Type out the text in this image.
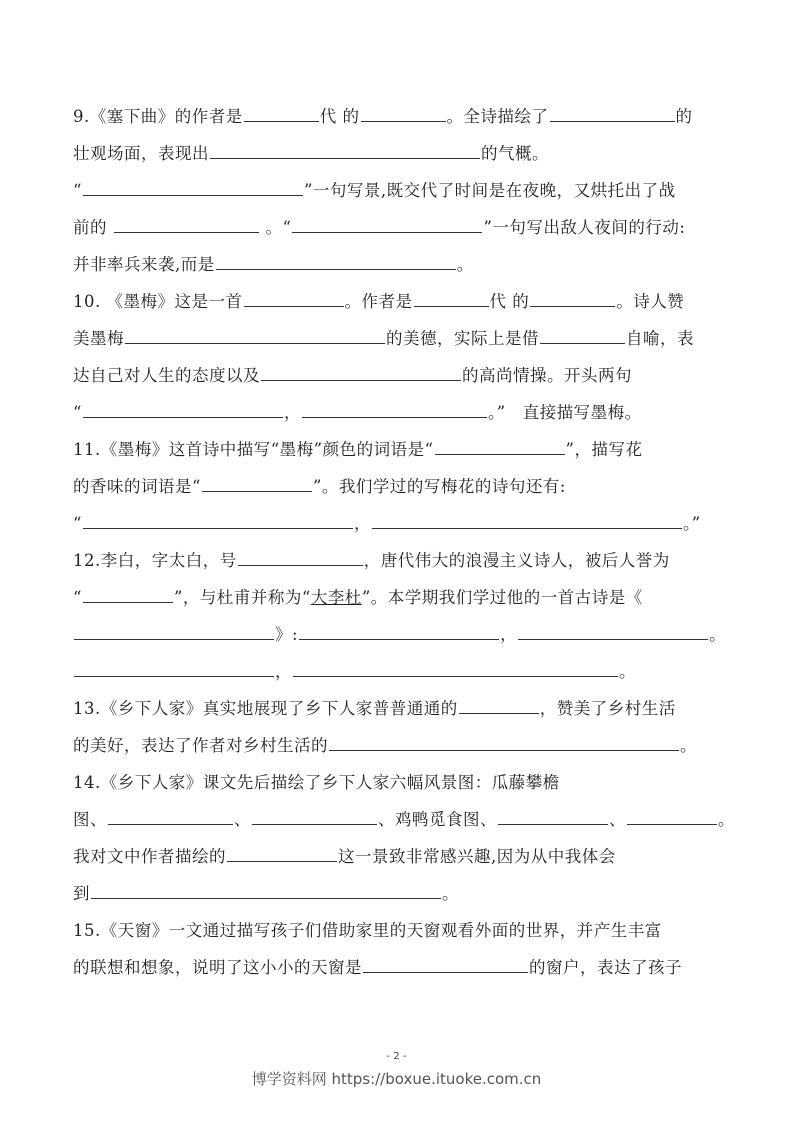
9.《塞下曲》的作者是	代 的	。全诗描绘了	的
壮观场面，表现出	的气概。
“	”一句写景,既交代了时间是在夜晚，又烘托出了战
前的	。“	”一句写出敌人夜间的行动:
并非率兵来袭,而是	。
10. 《墨梅》这是一首	。作者是	代 的	。诗人赞
美墨梅	的美德，实际上是借	自喻，表
达自己对人生的态度以及	的高尚情操。开头两句
“	，	。”　直接描写墨梅。
11.《墨梅》这首诗中描写“墨梅”颜色的词语是“	”，描写花
的香味的词语是“	”。我们学过的写梅花的诗句还有:
“	，	。”
12.李白，字太白，号	，唐代伟大的浪漫主义诗人，被后人誉为
“	”，与杜甫并称为“大李杜”。本学期我们学过他的一首古诗是《
》:	，	。
，	。
13.《乡下人家》真实地展现了乡下人家普普通通的	，赞美了乡村生活
的美好，表达了作者对乡村生活的	。
14.《乡下人家》课文先后描绘了乡下人家六幅风景图：瓜藤攀檐
图、	、	、鸡鸭觅食图、	、	。
我对文中作者描绘的	这一景致非常感兴趣,因为从中我体会
到	。
15.《天窗》一文通过描写孩子们借助家里的天窗观看外面的世界，并产生丰富
的联想和想象，说明了这小小的天窗是	的窗户，表达了孩子
- 2 -
博学资料网 https://boxue.ituoke.com.cn
